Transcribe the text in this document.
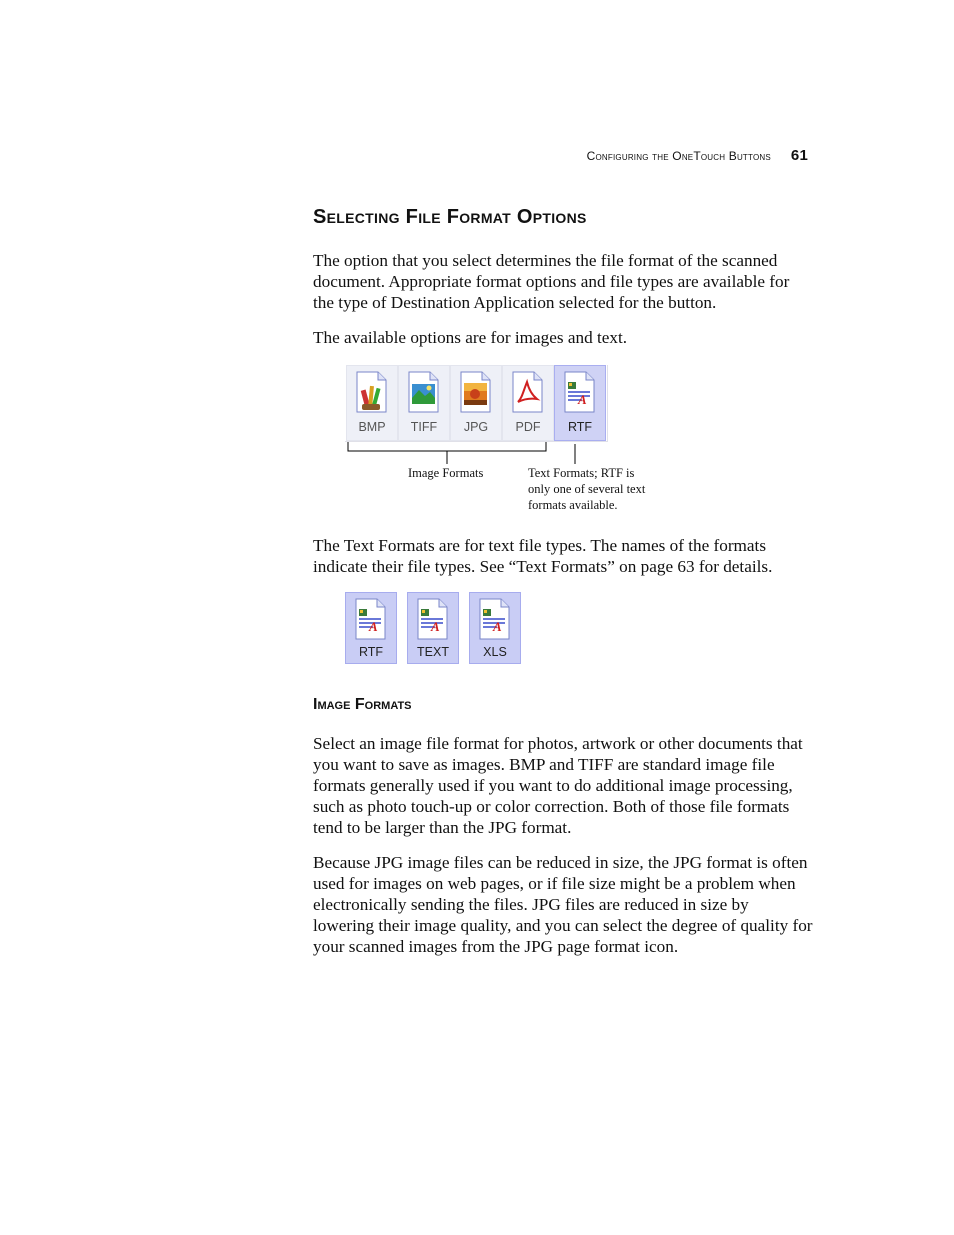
Configuring the OneTouch Buttons 61
Selecting File Format Options

The option that you select determines the file format of the scanned document. Appropriate format options and file types are available for the type of Destination Application selected for the button.

The available options are for images and text.

BMP	TIFF	JPG	PDF
A
RTF
Image Formats	Text Formats; RTF is only one of several text formats available.

The Text Formats are for text file types. The names of the formats indicate their file types. See “Text Formats” on page 63 for details.

A
RTF
A
TEXT
A
XLS
Image Formats

Select an image file format for photos, artwork or other documents that you want to save as images. BMP and TIFF are standard image file formats generally used if you want to do additional image processing, such as photo touch-up or color correction. Both of those file formats tend to be larger than the JPG format.

Because JPG image files can be reduced in size, the JPG format is often used for images on web pages, or if file size might be a problem when electronically sending the files. JPG files are reduced in size by lowering their image quality, and you can select the degree of quality for your scanned images from the JPG page format icon.
